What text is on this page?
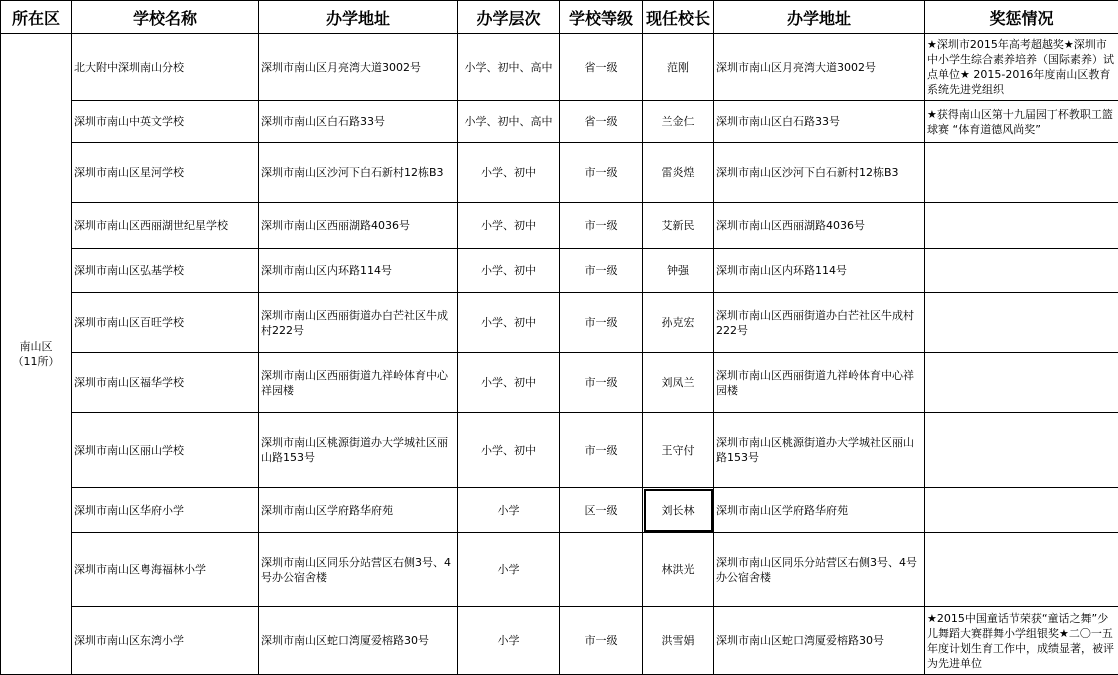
所在区	学校名称	办学地址	办学层次	学校等级	现任校长	办学地址	奖惩情况
南山区
（11所）	北大附中深圳南山分校	深圳市南山区月亮湾大道3002号	小学、初中、高中	省一级	范刚	深圳市南山区月亮湾大道3002号	★深圳市2015年高考超越奖★深圳市中小学生综合素养培养（国际素养）试点单位★ 2015-2016年度南山区教育系统先进党组织
	深圳市南山中英文学校	深圳市南山区白石路33号	小学、初中、高中	省一级	兰金仁	深圳市南山区白石路33号	★获得南山区第十九届园丁杯教职工篮球赛 “体育道德风尚奖”
	深圳市南山区星河学校	深圳市南山区沙河下白石新村12栋B3	小学、初中	市一级	雷炎煌	深圳市南山区沙河下白石新村12栋B3	
	深圳市南山区西丽湖世纪星学校	深圳市南山区西丽湖路4036号	小学、初中	市一级	艾新民	深圳市南山区西丽湖路4036号	
	深圳市南山区弘基学校	深圳市南山区内环路114号	小学、初中	市一级	钟强	深圳市南山区内环路114号	
	深圳市南山区百旺学校	深圳市南山区西丽街道办白芒社区牛成村222号	小学、初中	市一级	孙克宏	深圳市南山区西丽街道办白芒社区牛成村222号	
	深圳市南山区福华学校	深圳市南山区西丽街道九祥岭体育中心祥园楼	小学、初中	市一级	刘凤兰	深圳市南山区西丽街道九祥岭体育中心祥园楼	
	深圳市南山区丽山学校	深圳市南山区桃源街道办大学城社区丽山路153号	小学、初中	市一级	王守付	深圳市南山区桃源街道办大学城社区丽山路153号	
	深圳市南山区华府小学	深圳市南山区学府路华府苑	小学	区一级	刘长林	深圳市南山区学府路华府苑	
	深圳市南山区粤海福林小学	深圳市南山区同乐分站营区右侧3号、4号办公宿舍楼	小学		林洪光	深圳市南山区同乐分站营区右侧3号、4号办公宿舍楼	
	深圳市南山区东湾小学	深圳市南山区蛇口湾厦爱榕路30号	小学	市一级	洪雪娟	深圳市南山区蛇口湾厦爱榕路30号	★2015中国童话节荣获“童话之舞”少儿舞蹈大赛群舞小学组银奖★二〇一五年度计划生育工作中，成绩显著，被评为先进单位
